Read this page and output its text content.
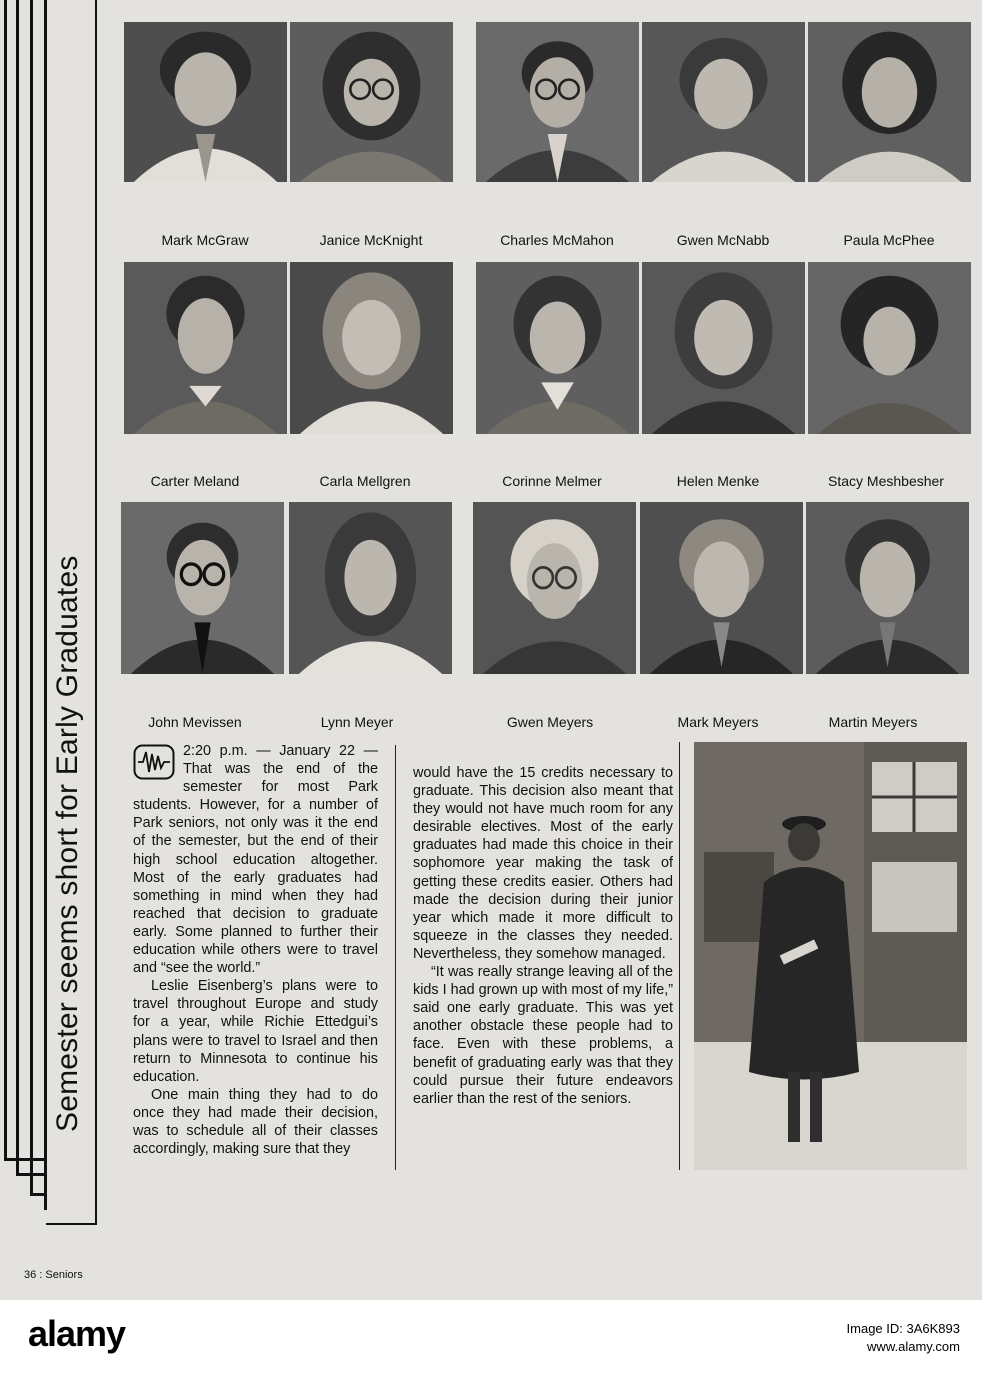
Semester seems short for Early Graduates
Mark McGraw	Janice McKnight	Charles McMahon	Gwen McNabb	Paula McPhee
Carter Meland	Carla Mellgren	Corinne Melmer	Helen Menke	Stacy Meshbesher
John Mevissen	Lynn Meyer	Gwen Meyers	Mark Meyers	Martin Meyers

2:20 p.m. — January 22 — That was the end of the semester for most Park students. However, for a number of Park seniors, not only was it the end of the semester, but the end of their high school education altogether. Most of the early graduates had something in mind when they had reached that decision to graduate early. Some planned to further their education while others were to travel and “see the world.”

Leslie Eisenberg’s plans were to travel throughout Europe and study for a year, while Richie Ettedgui’s plans were to travel to Israel and then return to Minnesota to continue his education.

One main thing they had to do once they had made their decision, was to schedule all of their classes accordingly, making sure that they

would have the 15 credits necessary to graduate. This decision also meant that they would not have much room for any desirable electives. Most of the early graduates had made this choice in their sophomore year making the task of getting these credits easier. Others had made the decision during their junior year which made it more difficult to squeeze in the classes they needed. Nevertheless, they somehow managed.

“It was really strange leaving all of the kids I had grown up with most of my life,” said one early graduate. This was yet another obstacle these people had to face. Even with these problems, a benefit of graduating early was that they could pursue their future endeavors earlier than the rest of the seniors.

36 : Seniors
alamy	Image ID: 3A6K893
www.alamy.com
